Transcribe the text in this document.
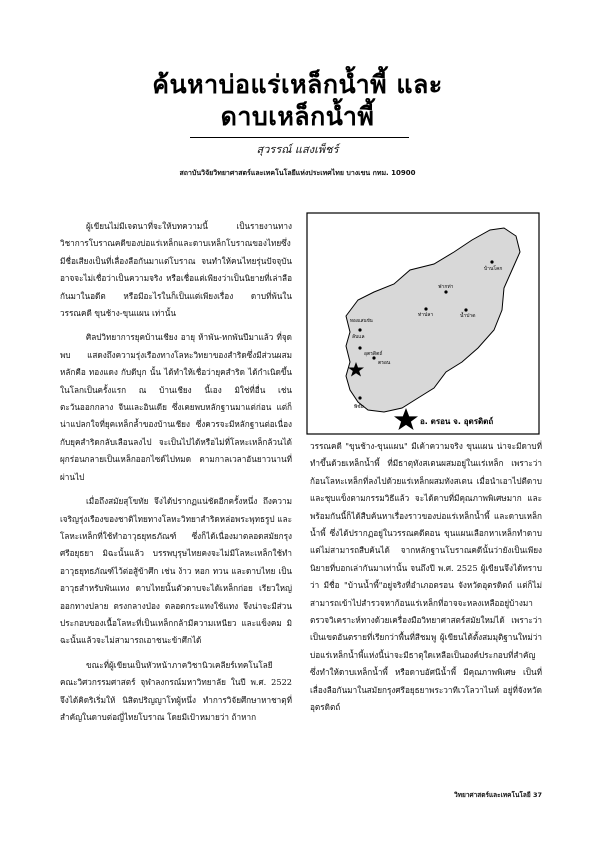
ค้นหาบ่อแร่เหล็กน้ำพี้ และ
ดาบเหล็กน้ำพี้
สุวรรณ์ แสงเพ็ชร์
สถาบันวิจัยวิทยาศาสตร์และเทคโนโลยีแห่งประเทศไทย บางเขน กทม. 10900

ผู้เขียนไม่มีเจตนาที่จะให้บทความนี้ เป็นรายงานทางวิชาการโบราณคดีของบ่อแร่เหล็กและดาบเหล็กโบราณของไทยซึ่งมีชื่อเสียงเป็นที่เลื่องลือกันมาแต่โบราณ จนทำให้คนไทยรุ่นปัจจุบันอาจจะไม่เชื่อว่าเป็นความจริง หรือเชื่อแต่เพียงว่าเป็นนิยายที่เล่าลือกันมาในอดีต หรือมีอะไรในก็เป็นแต่เพียงเรื่อง ดาบที่พ้นในวรรณคดี ขุนช้าง-ขุนแผน เท่านั้น

ศิลปวิทยาการยุคบ้านเชียง อายุ ห้าพัน-หกพันปีมาแล้ว ที่จุดพบ แสดงถึงความรุ่งเรืองทางโลหะวิทยาของสำริดซึ่งมีส่วนผสมหลักคือ ทองแดง กับดีบุก นั้น ได้ทำให้เชื่อว่ายุคสำริด ได้กำเนิดขึ้นในโลกเป็นครั้งแรก ณ บ้านเชียง นี้เอง มิใช่ที่อื่น เช่น ตะวันออกกลาง จีนและอินเดีย ซึ่งเคยพบหลักฐานมาแต่ก่อน แต่ก็น่าแปลกใจที่ยุคเหล็กล้ำของบ้านเชียง ซึ่งควรจะมีหลักฐานต่อเนื่องกับยุคสำริดกลับเลือนลงไป จะเป็นไปได้หรือไม่ที่โลหะเหล็กล้วนได้ผุกร่อนกลายเป็นเหล็กออกไซด์ไปหมด ตามกาลเวลาอันยาวนานที่ผ่านไป

เมื่อถึงสมัยสุโขทัย จึงได้ปรากฏแน่ชัดอีกครั้งหนึ่ง ถึงความเจริญรุ่งเรืองของชาติไทยทางโลหะวิทยาสำริดหล่อพระพุทธรูป และโลหะเหล็กที่ใช้ทำอาวุธยุทธภัณฑ์ ซึ่งก็ได้เนื่องมาตลอดสมัยกรุงศรีอยุธยา มิฉะนั้นแล้ว บรรพบุรุษไทยคงจะไม่มีโลหะเหล็กใช้ทำอาวุธยุทธภัณฑ์ไว้ต่อสู้ข้าศึก เช่น ง้าว หอก ทวน และดาบไทย เป็นอาวุธสำหรับพันแทง ดาบไทยนั้นตัวดาบจะได้เหล็กก่อย เรียวใหญ่ออกทางปลาย ตรงกลางป่อง ตลอดกระแทงใช้แทง จึงน่าจะมีส่วนประกอบของเนื้อโลหะที่เป็นเหล็กกล้ามีความเหนียว และแข็งคม มิฉะนั้นแล้วจะไม่สามารถเอาชนะข้าศึกได้

ขณะที่ผู้เขียนเป็นหัวหน้าภาควิชานิวเคลียร์เทคโนโลยี คณะวิศวกรรมศาสตร์ จุฬาลงกรณ์มหาวิทยาลัย ในปี พ.ศ. 2522 จึงได้คิดริเริ่มให้ นิสิตปริญญาโทผู้หนึ่ง ทำการวิจัยศึกษาหาชาตุที่สำคัญในดาบต่อญี่ไทยโบราณ โดยมีเป้าหมายว่า ถ้าหาก

บ้านโคก
ฟากท่า
ท่าปลา	น้ำปาด
ทองแสนขัน
ลับแล
อุตรดิตถ์
ตรอน
พิชัย
อ. ตรอน จ. อุตรดิตถ์

วรรณคดี "ขุนช้าง-ขุนแผน" มีเค้าความจริง ขุนแผน น่าจะมีดาบที่ทำขึ้นด้วยเหล็กน้ำพี้ ที่มีธาตุทังสเตนผสมอยู่ในแร่เหล็ก เพราะว่าก้อนโลหะเหล็กที่ลงไปด้วยแร่เหล็กผสมทังสเตน เมื่อนำเอาไปตีดาบและชุบแข็งตามกรรมวิธีแล้ว จะได้ดาบที่มีคุณภาพพิเศษมาก และพร้อมกันนี้ก็ได้สืบค้นหาเรื่องราวของบ่อแร่เหล็กน้ำพี้ และดาบเหล็กน้ำพี้ ซึ่งได้ปรากฏอยู่ในวรรณคดีตอน ขุนแผนเลือกหาเหล็กทำดาบ แต่ไม่สามารถสืบค้นได้ จากหลักฐานโบราณคดีนั้นว่ายังเป็นเพียงนิยายที่บอกเล่ากันมาเท่านั้น จนถึงปี พ.ศ. 2525 ผู้เขียนจึงได้ทราบว่า มีชื่อ "บ้านน้ำพี้"อยู่จริงที่อำเภอตรอน จังหวัดอุตรดิตถ์ แต่ก็ไม่สามารถเข้าไปสำรวจหาก้อนแร่เหล็กที่อาจจะหลงเหลืออยู่บ้างมาตรวจวิเคราะห์ทางด้วยเครื่องมือวิทยาศาสตร์สมัยใหม่ได้ เพราะว่าเป็นเขตอันตรายที่เรียกว่าพื้นที่สีชมพู ผู้เขียนได้ตั้งสมมุติฐานใหม่ว่า บ่อแร่เหล็กน้ำพี้แห่งนี้น่าจะมีธาตุใดเหลือเป็นองค์ประกอบที่สำคัญ ซึ่งทำให้ดาบเหล็กน้ำพี้ หรือดาบอัศนีน้ำพี้ มีคุณภาพพิเศษ เป็นที่เลื่องลือกันมาในสมัยกรุงศรีอยุธยาพระวาทีเวโลวาไนท์ อยู่ที่จังหวัดอุตรดิตถ์

วิทยาศาสตร์และเทคโนโลยี 37
